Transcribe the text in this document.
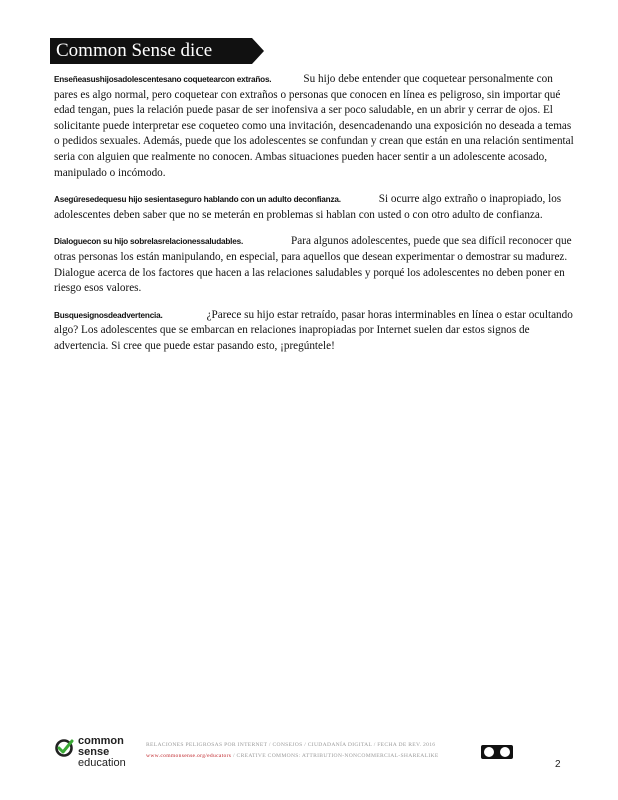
Common Sense dice

Enseñeasushijosadolescentesano coquetearcon extraños.	Su hijo debe entender que coquetear personalmente con pares es algo normal, pero coquetear con extraños o personas que conocen en línea es peligroso, sin importar qué edad tengan, pues la relación puede pasar de ser inofensiva a ser poco saludable, en un abrir y cerrar de ojos. El solicitante puede interpretar ese coqueteo como una invitación, desencadenando una exposición no deseada a temas o pedidos sexuales. Además, puede que los adolescentes se confundan y crean que están en una relación sentimental seria con alguien que realmente no conocen. Ambas situaciones pueden hacer sentir a un adolescente acosado, manipulado o incómodo.

Asegúresedequesu hijo sesientaseguro hablando con un adulto deconfianza.	Si ocurre algo extraño o inapropiado, los adolescentes deben saber que no se meterán en problemas si hablan con usted o con otro adulto de confianza.

Dialoguecon su hijo sobrelasrelacionessaludables.	Para algunos adolescentes, puede que sea difícil reconocer que otras personas los están manipulando, en especial, para aquellos que desean experimentar o demostrar su madurez. Dialogue acerca de los factores que hacen a las relaciones saludables y porqué los adolescentes no deben poner en riesgo esos valores.

Busquesignosdeadvertencia.	¿Parece su hijo estar retraído, pasar horas interminables en línea o estar ocultando algo? Los adolescentes que se embarcan en relaciones inapropiadas por Internet suelen dar estos signos de advertencia. Si cree que puede estar pasando esto, ¡pregúntele!

common
sense
education
RELACIONES PELIGROSAS POR INTERNET / CONSEJOS / CIUDADANÍA DIGITAL / FECHA DE REV. 2016
www.commonsense.org/educators / CREATIVE COMMONS: ATTRIBUTION-NONCOMMERCIAL-SHAREALIKE
2
